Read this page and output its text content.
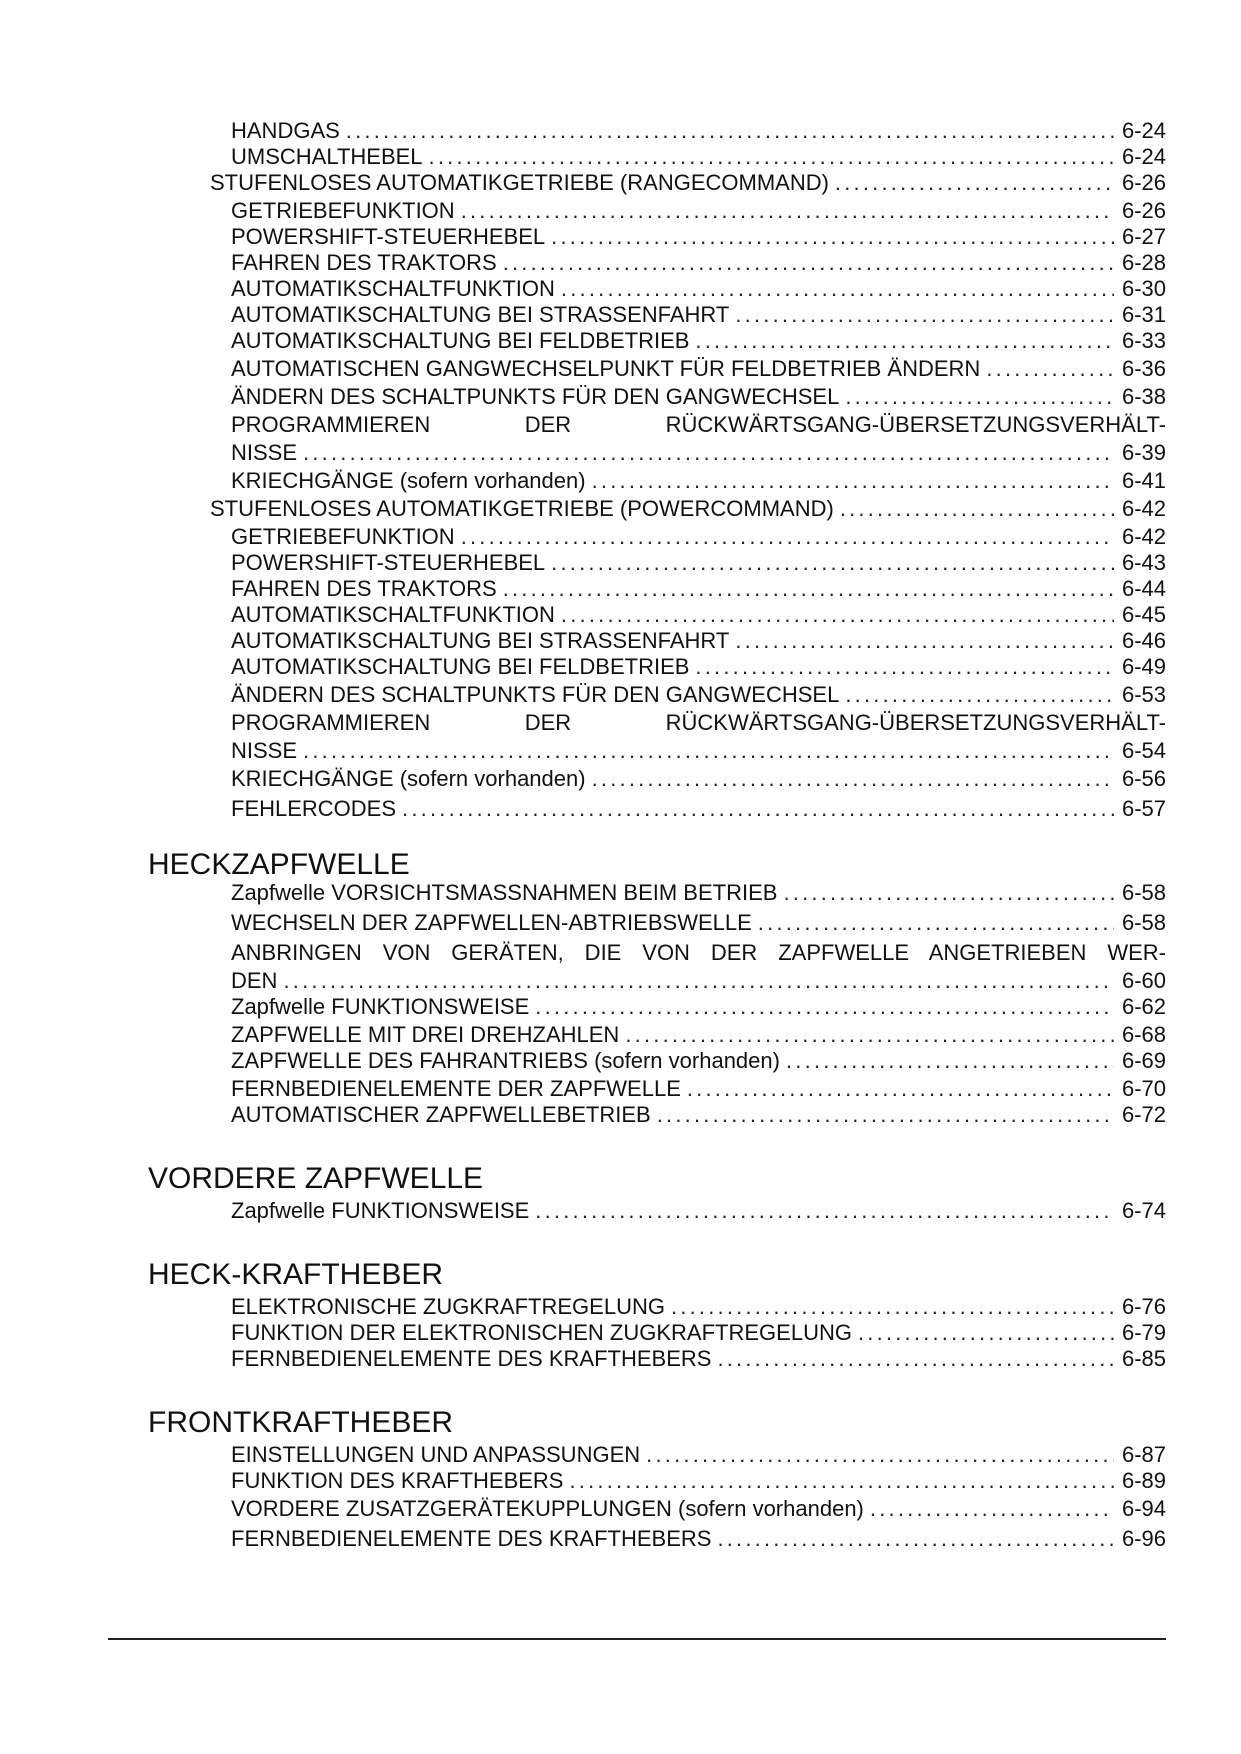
HANDGAS .....	6-24
UMSCHALTHEBEL .....	6-24
STUFENLOSES AUTOMATIKGETRIEBE (RANGECOMMAND) .....	6-26
GETRIEBEFUNKTION .....	6-26
POWERSHIFT-STEUERHEBEL .....	6-27
FAHREN DES TRAKTORS .....	6-28
AUTOMATIKSCHALTFUNKTION .....	6-30
AUTOMATIKSCHALTUNG BEI STRASSENFAHRT .....	6-31
AUTOMATIKSCHALTUNG BEI FELDBETRIEB .....	6-33
AUTOMATISCHEN GANGWECHSELPUNKT FÜR FELDBETRIEB ÄNDERN .....	6-36
ÄNDERN DES SCHALTPUNKTS FÜR DEN GANGWECHSEL .....	6-38
PROGRAMMIEREN DER RÜCKWÄRTSGANG-ÜBERSETZUNGSVERHÄLT-
NISSE .....	6-39
KRIECHGÄNGE (sofern vorhanden) .....	6-41
STUFENLOSES AUTOMATIKGETRIEBE (POWERCOMMAND) .....	6-42
GETRIEBEFUNKTION .....	6-42
POWERSHIFT-STEUERHEBEL .....	6-43
FAHREN DES TRAKTORS .....	6-44
AUTOMATIKSCHALTFUNKTION .....	6-45
AUTOMATIKSCHALTUNG BEI STRASSENFAHRT .....	6-46
AUTOMATIKSCHALTUNG BEI FELDBETRIEB .....	6-49
ÄNDERN DES SCHALTPUNKTS FÜR DEN GANGWECHSEL .....	6-53
PROGRAMMIEREN DER RÜCKWÄRTSGANG-ÜBERSETZUNGSVERHÄLT-
NISSE .....	6-54
KRIECHGÄNGE (sofern vorhanden) .....	6-56
FEHLERCODES .....	6-57
HECKZAPFWELLE
Zapfwelle VORSICHTSMASSNAHMEN BEIM BETRIEB .....	6-58
WECHSELN DER ZAPFWELLEN-ABTRIEBSWELLE .....	6-58
ANBRINGEN VON GERÄTEN, DIE VON DER ZAPFWELLE ANGETRIEBEN WER-
DEN .....	6-60
Zapfwelle FUNKTIONSWEISE .....	6-62
ZAPFWELLE MIT DREI DREHZAHLEN .....	6-68
ZAPFWELLE DES FAHRANTRIEBS (sofern vorhanden) .....	6-69
FERNBEDIENELEMENTE DER ZAPFWELLE .....	6-70
AUTOMATISCHER ZAPFWELLEBETRIEB .....	6-72
VORDERE ZAPFWELLE
Zapfwelle FUNKTIONSWEISE .....	6-74
HECK-KRAFTHEBER
ELEKTRONISCHE ZUGKRAFTREGELUNG .....	6-76
FUNKTION DER ELEKTRONISCHEN ZUGKRAFTREGELUNG .....	6-79
FERNBEDIENELEMENTE DES KRAFTHEBERS .....	6-85
FRONTKRAFTHEBER
EINSTELLUNGEN UND ANPASSUNGEN .....	6-87
FUNKTION DES KRAFTHEBERS .....	6-89
VORDERE ZUSATZGERÄTEKUPPLUNGEN (sofern vorhanden) .....	6-94
FERNBEDIENELEMENTE DES KRAFTHEBERS .....	6-96
